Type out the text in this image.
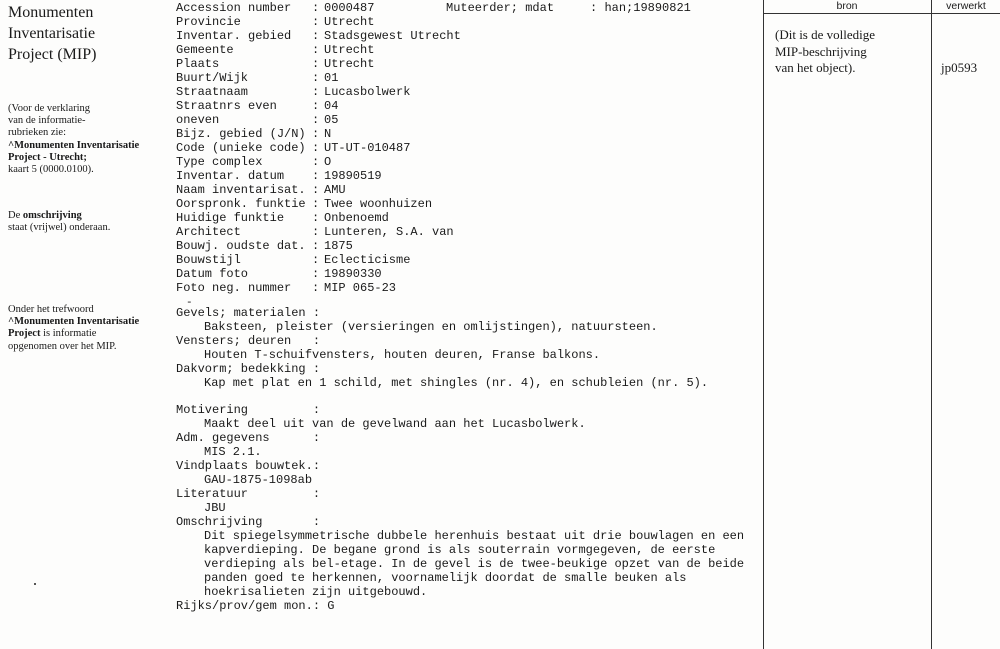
Monumenten
Inventarisatie
Project (MIP)
(Voor de verklaring
van de informatie-
rubrieken zie:
^Monumenten Inventarisatie
Project - Utrecht;
kaart 5 (0000.0100).
De omschrijving
staat (vrijwel) onderaan.
Onder het trefwoord
^Monumenten Inventarisatie
Project is informatie
opgenomen over het MIP.
Muteerder; mdat	: han;19890821
Accession number : 0000487
Provincie	: Utrecht
Inventar. gebied : Stadsgewest Utrecht
Gemeente	: Utrecht
Plaats	: Utrecht
Buurt/Wijk	: 01
Straatnaam	: Lucasbolwerk
Straatnrs even	: 04
oneven	: 05
Bijz. gebied (J/N) : N
Code (unieke code) : UT-UT-010487
Type complex	: O
Inventar. datum : 19890519
Naam inventarisat. : AMU
Oorspronk. funktie : Twee woonhuizen
Huidige funktie : Onbenoemd
Architect	: Lunteren, S.A. van
Bouwj. oudste dat. : 1875
Bouwstijl	: Eclecticisme
Datum foto	: 19890330
Foto neg. nummer : MIP 065-23
-
Gevels; materialen :
Baksteen, pleister (versieringen en omlijstingen), natuursteen.
Vensters; deuren   :
Houten T-schuifvensters, houten deuren, Franse balkons.
Dakvorm; bedekking :
Kap met plat en 1 schild, met shingles (nr. 4), en schubleien (nr. 5).
Motivering         :
Maakt deel uit van de gevelwand aan het Lucasbolwerk.
Adm. gegevens      :
MIS 2.1.
Vindplaats bouwtek.:
GAU-1875-1098ab
Literatuur         :
JBU
Omschrijving       :
Dit spiegelsymmetrische dubbele herenhuis bestaat uit drie bouwlagen en een
kapverdieping. De begane grond is als souterrain vormgegeven, de eerste
verdieping als bel-etage. In de gevel is de twee-beukige opzet van de beide
panden goed te herkennen, voornamelijk doordat de smalle beuken als
hoekrisalieten zijn uitgebouwd.
Rijks/prov/gem mon.: G
bron	verwerkt
(Dit is de volledige
MIP-beschrijving
van het object).	jp0593
